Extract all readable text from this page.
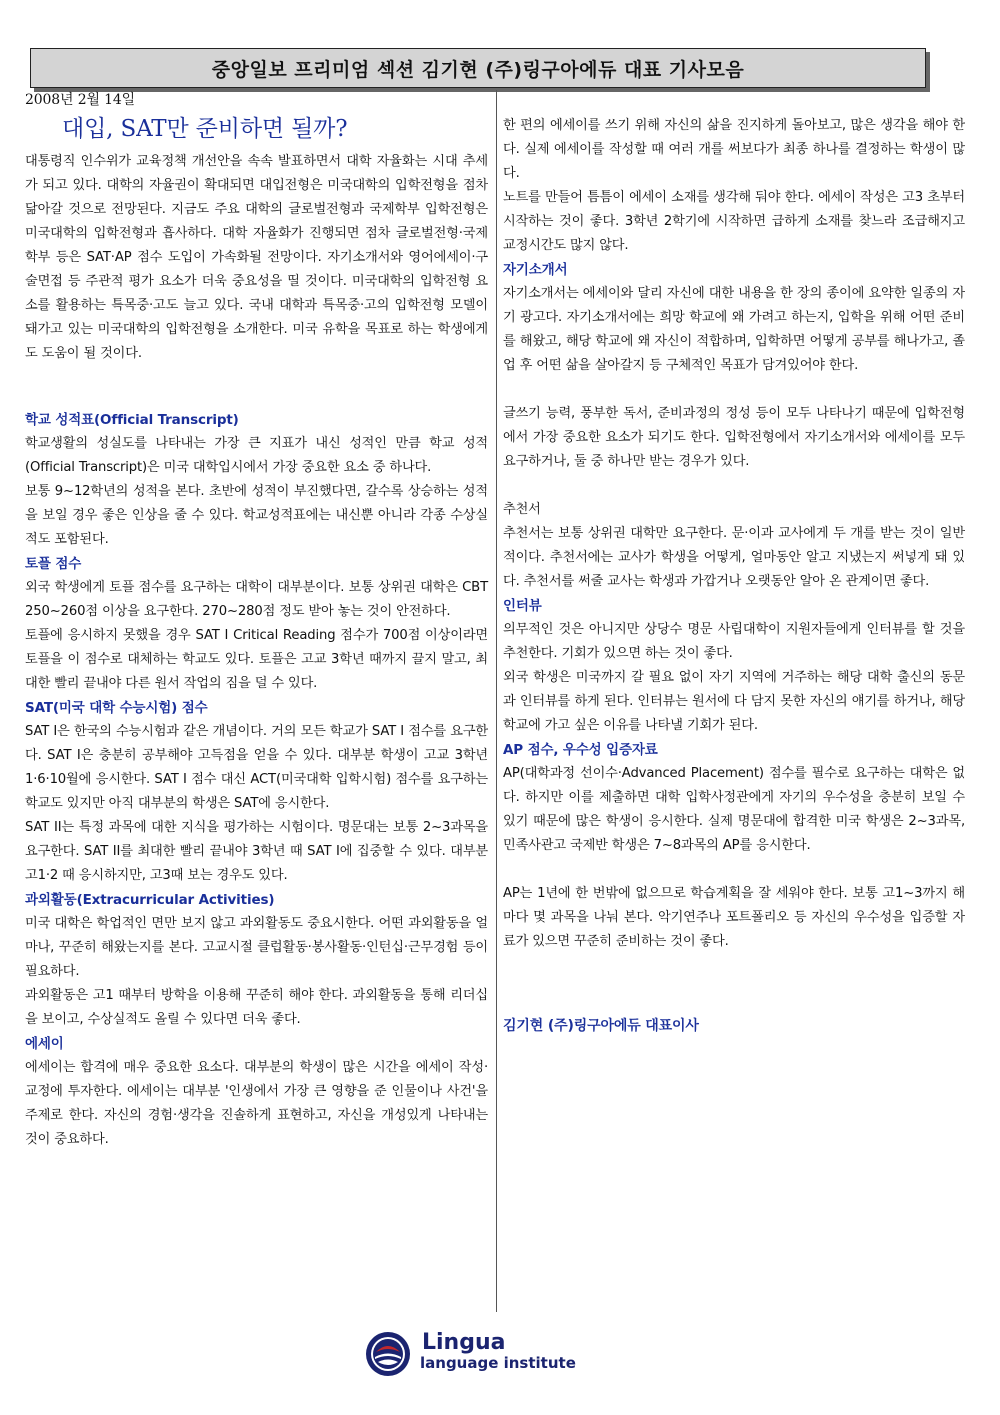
중앙일보 프리미엄 섹션 김기현 (주)링구아에듀 대표 기사모음

2008년 2월 14일

대입, SAT만 준비하면 될까?

대통령직 인수위가 교육정책 개선안을 속속 발표하면서 대학 자율화는 시대 추세가 되고 있다. 대학의 자율권이 확대되면 대입전형은 미국대학의 입학전형을 점차 닮아갈 것으로 전망된다. 지금도 주요 대학의 글로벌전형과 국제학부 입학전형은 미국대학의 입학전형과 흡사하다. 대학 자율화가 진행되면 점차 글로벌전형·국제학부 등은 SAT·AP 점수 도입이 가속화될 전망이다. 자기소개서와 영어에세이·구술면접 등 주관적 평가 요소가 더욱 중요성을 띨 것이다. 미국대학의 입학전형 요소를 활용하는 특목중·고도 늘고 있다. 국내 대학과 특목중·고의 입학전형 모델이 돼가고 있는 미국대학의 입학전형을 소개한다. 미국 유학을 목표로 하는 학생에게도 도움이 될 것이다.

학교 성적표(Official Transcript)

학교생활의 성실도를 나타내는 가장 큰 지표가 내신 성적인 만큼 학교 성적(Official Transcript)은 미국 대학입시에서 가장 중요한 요소 중 하나다.

보통 9~12학년의 성적을 본다. 초반에 성적이 부진했다면, 갈수록 상승하는 성적을 보일 경우 좋은 인상을 줄 수 있다. 학교성적표에는 내신뿐 아니라 각종 수상실적도 포함된다.

토플 점수

외국 학생에게 토플 점수를 요구하는 대학이 대부분이다. 보통 상위권 대학은 CBT 250~260점 이상을 요구한다. 270~280점 정도 받아 놓는 것이 안전하다.

토플에 응시하지 못했을 경우 SAT I Critical Reading 점수가 700점 이상이라면 토플을 이 점수로 대체하는 학교도 있다. 토플은 고교 3학년 때까지 끌지 말고, 최대한 빨리 끝내야 다른 원서 작업의 짐을 덜 수 있다.

SAT(미국 대학 수능시험) 점수

SAT I은 한국의 수능시험과 같은 개념이다. 거의 모든 학교가 SAT I 점수를 요구한다. SAT I은 충분히 공부해야 고득점을 얻을 수 있다. 대부분 학생이 고교 3학년 1·6·10월에 응시한다. SAT I 점수 대신 ACT(미국대학 입학시험) 점수를 요구하는 학교도 있지만 아직 대부분의 학생은 SAT에 응시한다.

SAT II는 특정 과목에 대한 지식을 평가하는 시험이다. 명문대는 보통 2~3과목을 요구한다. SAT II를 최대한 빨리 끝내야 3학년 때 SAT I에 집중할 수 있다. 대부분 고1·2 때 응시하지만, 고3때 보는 경우도 있다.

과외활동(Extracurricular Activities)

미국 대학은 학업적인 면만 보지 않고 과외활동도 중요시한다. 어떤 과외활동을 얼마나, 꾸준히 해왔는지를 본다. 고교시절 클럽활동·봉사활동·인턴십·근무경험 등이 필요하다.

과외활동은 고1 때부터 방학을 이용해 꾸준히 해야 한다. 과외활동을 통해 리더십을 보이고, 수상실적도 올릴 수 있다면 더욱 좋다.

에세이

에세이는 합격에 매우 중요한 요소다. 대부분의 학생이 많은 시간을 에세이 작성·교정에 투자한다. 에세이는 대부분 '인생에서 가장 큰 영향을 준 인물이나 사건'을 주제로 한다. 자신의 경험·생각을 진솔하게 표현하고, 자신을 개성있게 나타내는 것이 중요하다.

한 편의 에세이를 쓰기 위해 자신의 삶을 진지하게 돌아보고, 많은 생각을 해야 한다. 실제 에세이를 작성할 때 여러 개를 써보다가 최종 하나를 결정하는 학생이 많다.

노트를 만들어 틈틈이 에세이 소재를 생각해 둬야 한다. 에세이 작성은 고3 초부터 시작하는 것이 좋다. 3학년 2학기에 시작하면 급하게 소재를 찾느라 조급해지고 교정시간도 많지 않다.

자기소개서

자기소개서는 에세이와 달리 자신에 대한 내용을 한 장의 종이에 요약한 일종의 자기 광고다. 자기소개서에는 희망 학교에 왜 가려고 하는지, 입학을 위해 어떤 준비를 해왔고, 해당 학교에 왜 자신이 적합하며, 입학하면 어떻게 공부를 해나가고, 졸업 후 어떤 삶을 살아갈지 등 구체적인 목표가 담겨있어야 한다.

글쓰기 능력, 풍부한 독서, 준비과정의 정성 등이 모두 나타나기 때문에 입학전형에서 가장 중요한 요소가 되기도 한다. 입학전형에서 자기소개서와 에세이를 모두 요구하거나, 둘 중 하나만 받는 경우가 있다.

추천서

추천서는 보통 상위권 대학만 요구한다. 문·이과 교사에게 두 개를 받는 것이 일반적이다. 추천서에는 교사가 학생을 어떻게, 얼마동안 알고 지냈는지 써넣게 돼 있다. 추천서를 써줄 교사는 학생과 가깝거나 오랫동안 알아 온 관계이면 좋다.

인터뷰

의무적인 것은 아니지만 상당수 명문 사립대학이 지원자들에게 인터뷰를 할 것을 추천한다. 기회가 있으면 하는 것이 좋다.

외국 학생은 미국까지 갈 필요 없이 자기 지역에 거주하는 해당 대학 출신의 동문과 인터뷰를 하게 된다. 인터뷰는 원서에 다 담지 못한 자신의 얘기를 하거나, 해당 학교에 가고 싶은 이유를 나타낼 기회가 된다.

AP 점수, 우수성 입증자료

AP(대학과정 선이수·Advanced Placement) 점수를 필수로 요구하는 대학은 없다. 하지만 이를 제출하면 대학 입학사정관에게 자기의 우수성을 충분히 보일 수 있기 때문에 많은 학생이 응시한다. 실제 명문대에 합격한 미국 학생은 2~3과목, 민족사관고 국제반 학생은 7~8과목의 AP를 응시한다.

AP는 1년에 한 번밖에 없으므로 학습계획을 잘 세워야 한다. 보통 고1~3까지 해마다 몇 과목을 나눠 본다. 악기연주나 포트폴리오 등 자신의 우수성을 입증할 자료가 있으면 꾸준히 준비하는 것이 좋다.

김기현 (주)링구아에듀 대표이사

Lingua
language institute
